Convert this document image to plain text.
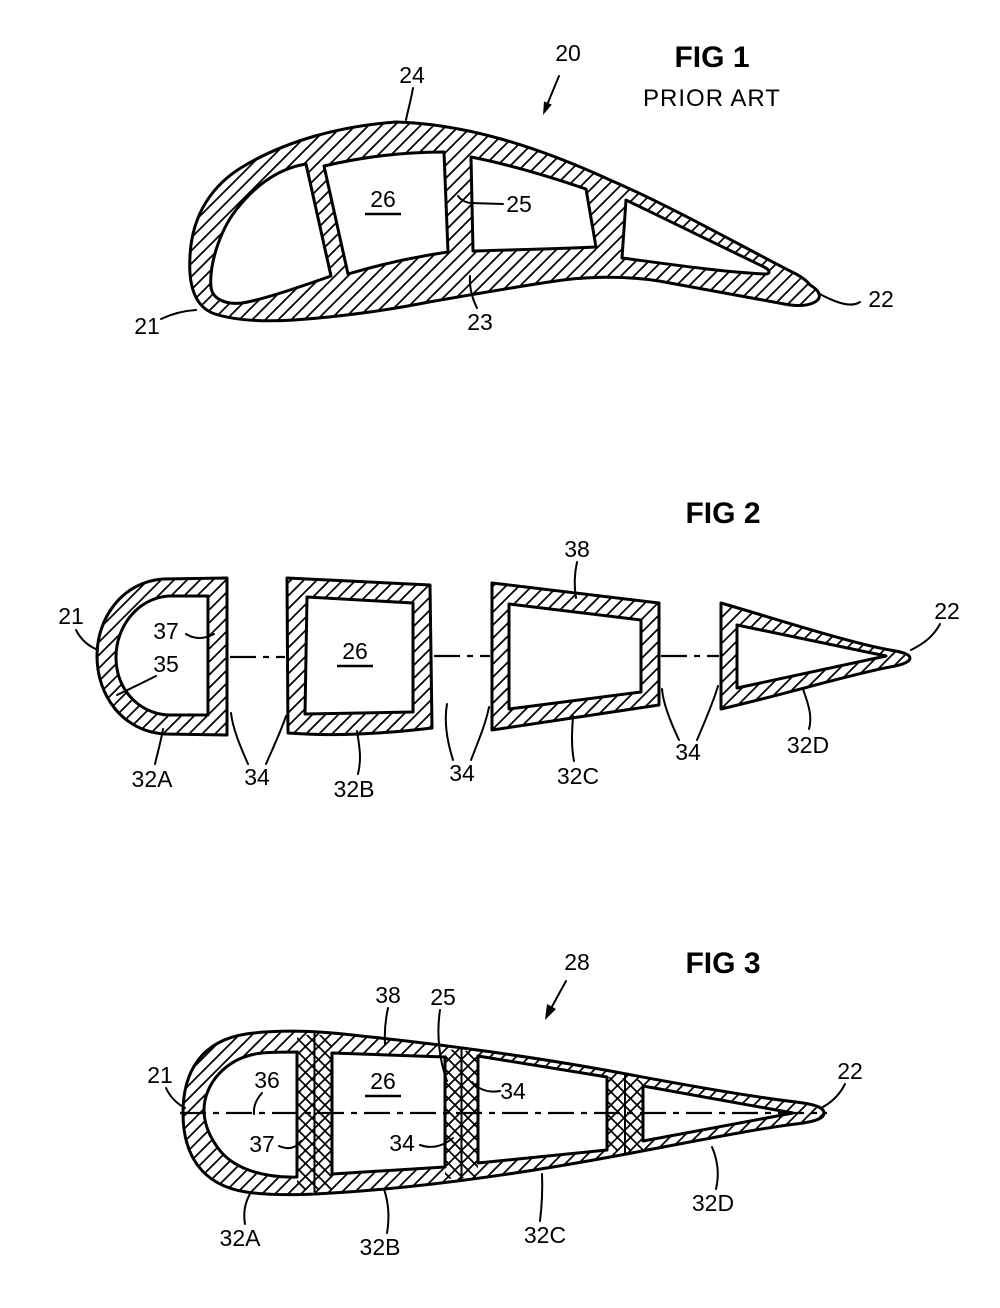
FIG 1
PRIOR ART
20
24
26	25
23
21
22
FIG 2
38
21
37
35	26
32A	34	32B
34	32C
34	32D
22
FIG 3
28
38 25
21	36	26	34
37	34
22
32A	32B	32C
32D
